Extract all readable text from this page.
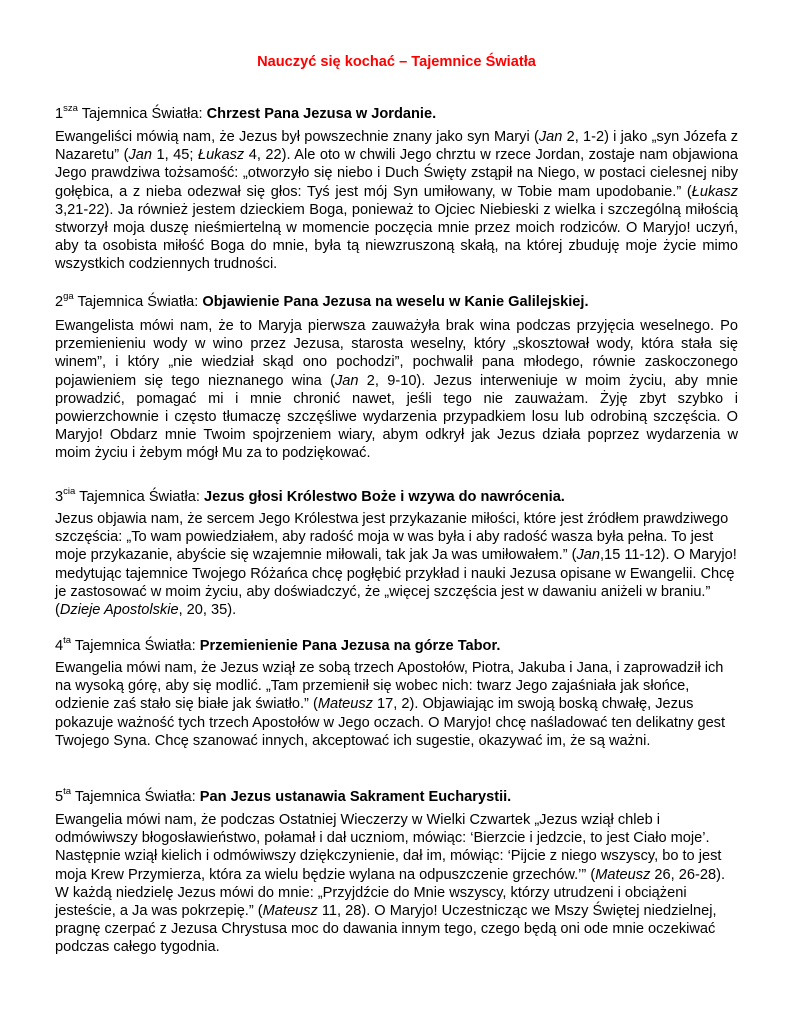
Nauczyć się kochać – Tajemnice Światła
$1^{sza}$ Tajemnica Światła: Chrzest Pana Jezusa w Jordanie.
Ewangeliści mówią nam, że Jezus był powszechnie znany jako syn Maryi (Jan 2, 1-2) i jako „syn Józefa z Nazaretu” (Jan 1, 45; Łukasz 4, 22). Ale oto w chwili Jego chrztu w rzece Jordan, zostaje nam objawiona Jego prawdziwa tożsamość: „otworzyło się niebo i Duch Święty zstąpił na Niego, w postaci cielesnej niby gołębica, a z nieba odezwał się głos: Tyś jest mój Syn umiłowany, w Tobie mam upodobanie.” (Łukasz 3,21-22). Ja również jestem dzieckiem Boga, ponieważ to Ojciec Niebieski z wielka i szczególną miłością stworzył moja duszę nieśmiertelną w momencie poczęcia mnie przez moich rodziców. O Maryjo! uczyń, aby ta osobista miłość Boga do mnie, była tą niewzruszoną skałą, na której zbuduję moje życie mimo wszystkich codziennych trudności.
$2^{ga}$ Tajemnica Światła: Objawienie Pana Jezusa na weselu w Kanie Galilejskiej.
Ewangelista mówi nam, że to Maryja pierwsza zauważyła brak wina podczas przyjęcia weselnego. Po przemienieniu wody w wino przez Jezusa, starosta weselny, który „skosztował wody, która stała się winem”, i który „nie wiedział skąd ono pochodzi”, pochwalił pana młodego, równie zaskoczonego pojawieniem się tego nieznanego wina (Jan 2, 9-10). Jezus interweniuje w moim życiu, aby mnie prowadzić, pomagać mi i mnie chronić nawet, jeśli tego nie zauważam. Żyję zbyt szybko i powierzchownie i często tłumaczę szczęśliwe wydarzenia przypadkiem losu lub odrobiną szczęścia. O Maryjo! Obdarz mnie Twoim spojrzeniem wiary, abym odkrył jak Jezus działa poprzez wydarzenia w moim życiu i żebym mógł Mu za to podziękować.
$3^{cia}$ Tajemnica Światła: Jezus głosi Królestwo Boże i wzywa do nawrócenia.
Jezus objawia nam, że sercem Jego Królestwa jest przykazanie miłości, które jest źródłem prawdziwego szczęścia: „To wam powiedziałem, aby radość moja w was była i aby radość wasza była pełna. To jest moje przykazanie, abyście się wzajemnie miłowali, tak jak Ja was umiłowałem.” (Jan,15 11-12). O Maryjo! medytując tajemnice Twojego Różańca chcę pogłębić przykład i nauki Jezusa opisane w Ewangelii. Chcę je zastosować w moim życiu, aby doświadczyć, że „więcej szczęścia jest w dawaniu aniżeli w braniu.” (Dzieje Apostolskie, 20, 35).
$4^{ta}$ Tajemnica Światła: Przemienienie Pana Jezusa na górze Tabor.
Ewangelia mówi nam, że Jezus wziął ze sobą trzech Apostołów, Piotra, Jakuba i Jana, i zaprowadził ich na wysoką górę, aby się modlić. „Tam przemienił się wobec nich: twarz Jego zajaśniała jak słońce, odzienie zaś stało się białe jak światło.” (Mateusz 17, 2). Objawiając im swoją boską chwałę, Jezus pokazuje ważność tych trzech Apostołów w Jego oczach. O Maryjo! chcę naśladować ten delikatny gest Twojego Syna. Chcę szanować innych, akceptować ich sugestie, okazywać im, że są ważni.
$5^{ta}$ Tajemnica Światła: Pan Jezus ustanawia Sakrament Eucharystii.
Ewangelia mówi nam, że podczas Ostatniej Wieczerzy w Wielki Czwartek „Jezus wziął chleb i odmówiwszy błogosławieństwo, połamał i dał uczniom, mówiąc: ‘Bierzcie i jedzcie, to jest Ciało moje’. Następnie wziął kielich i odmówiwszy dziękczynienie, dał im, mówiąc: ‘Pijcie z niego wszyscy, bo to jest moja Krew Przymierza, która za wielu będzie wylana na odpuszczenie grzechów.’” (Mateusz 26, 26-28). W każdą niedzielę Jezus mówi do mnie: „Przyjdźcie do Mnie wszyscy, którzy utrudzeni i obciążeni jesteście, a Ja was pokrzepię.” (Mateusz 11, 28). O Maryjo! Uczestnicząc we Mszy Świętej niedzielnej, pragnę czerpać z Jezusa Chrystusa moc do dawania innym tego, czego będą oni ode mnie oczekiwać podczas całego tygodnia.
